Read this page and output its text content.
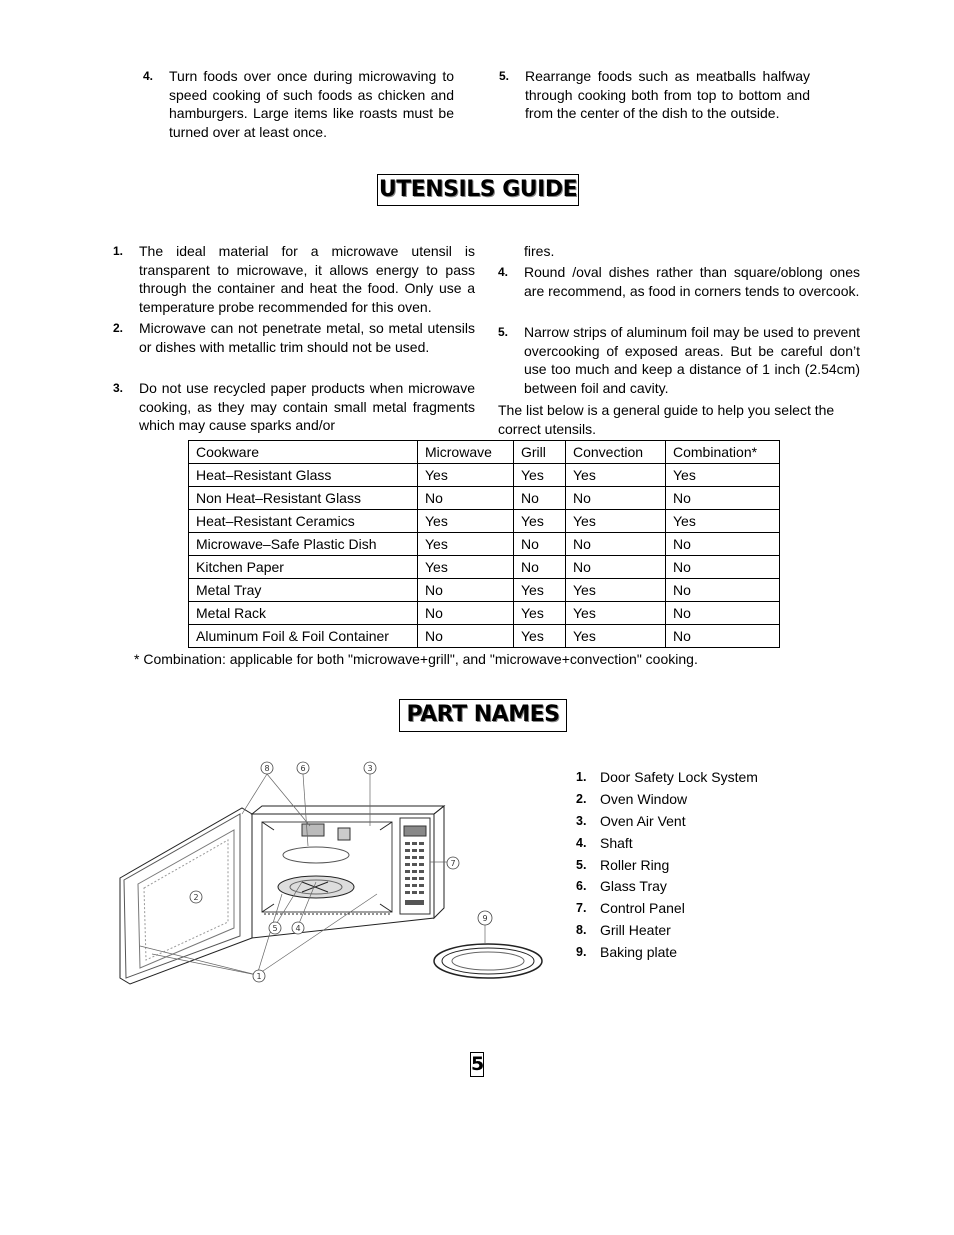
4. Turn foods over once during microwaving to speed cooking of such foods as chicken and hamburgers. Large items like roasts must be turned over at least once.
5. Rearrange foods such as meatballs halfway through cooking both from top to bottom and from the center of the dish to the outside.
UTENSILS GUIDE
1. The ideal material for a microwave utensil is transparent to microwave, it allows energy to pass through the container and heat the food. Only use a temperature probe recommended for this oven.
2. Microwave can not penetrate metal, so metal utensils or dishes with metallic trim should not be used.
3. Do not use recycled paper products when microwave cooking, as they may contain small metal fragments which may cause sparks and/or
fires.
4. Round /oval dishes rather than square/oblong ones are recommend, as food in corners tends to overcook.
5. Narrow strips of aluminum foil may be used to prevent overcooking of exposed areas. But be careful don’t use too much and keep a distance of 1 inch (2.54cm) between foil and cavity.
The list below is a general guide to help you select the correct utensils.
Cookware	Microwave	Grill	Convection	Combination*
Heat–Resistant Glass	Yes	Yes	Yes	Yes
Non Heat–Resistant Glass	No	No	No	No
Heat–Resistant Ceramics	Yes	Yes	Yes	Yes
Microwave–Safe Plastic Dish	Yes	No	No	No
Kitchen Paper	Yes	No	No	No
Metal Tray	No	Yes	Yes	No
Metal Rack	No	Yes	Yes	No
Aluminum Foil & Foil Container	No	Yes	Yes	No
* Combination: applicable for both "microwave+grill", and "microwave+convection" cooking.
PART NAMES
8	6	3
7
2
5 4
9
1
1. Door Safety Lock System
2. Oven Window
3. Oven Air Vent
4. Shaft
5. Roller Ring
6. Glass Tray
7. Control Panel
8. Grill Heater
9. Baking plate
5
